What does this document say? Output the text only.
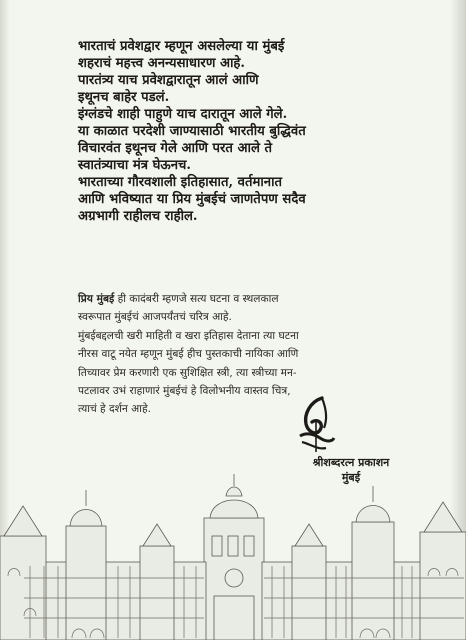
भारताचं प्रवेशद्वार म्हणून असलेल्या या मुंबई
शहराचं महत्त्व अनन्यसाधारण आहे.
पारतंत्र्य याच प्रवेशद्वारातून आलं आणि
इथूनच बाहेर पडलं.
इंग्लंडचे शाही पाहुणे याच दारातून आले गेले.
या काळात परदेशी जाण्यासाठी भारतीय बुद्धिवंत
विचारवंत इथूनच गेले आणि परत आले ते
स्वातंत्र्याचा मंत्र घेऊनच.
भारताच्या गौरवशाली इतिहासात, वर्तमानात
आणि भविष्यात या प्रिय मुंबईचं जाणतेपण सदैव
अग्रभागी राहीलच राहील.
प्रिय मुंबई ही कादंबरी म्हणजे सत्य घटना व स्थलकाल
स्वरूपात मुंबईचं आजपर्यंतचं चरित्र आहे.
मुंबईबद्दलची खरी माहिती व खरा इतिहास देताना त्या घटना
नीरस वाटू नयेत म्हणून मुंबई हीच पुस्तकाची नायिका आणि
तिच्यावर प्रेम करणारी एक सुशिक्षित स्त्री, त्या स्त्रीच्या मन-
पटलावर उभं राहाणारं मुंबईचं हे विलोभनीय वास्तव चित्र,
त्याचं हे दर्शन आहे.
श्रीशब्दरत्न प्रकाशन
मुंबई
